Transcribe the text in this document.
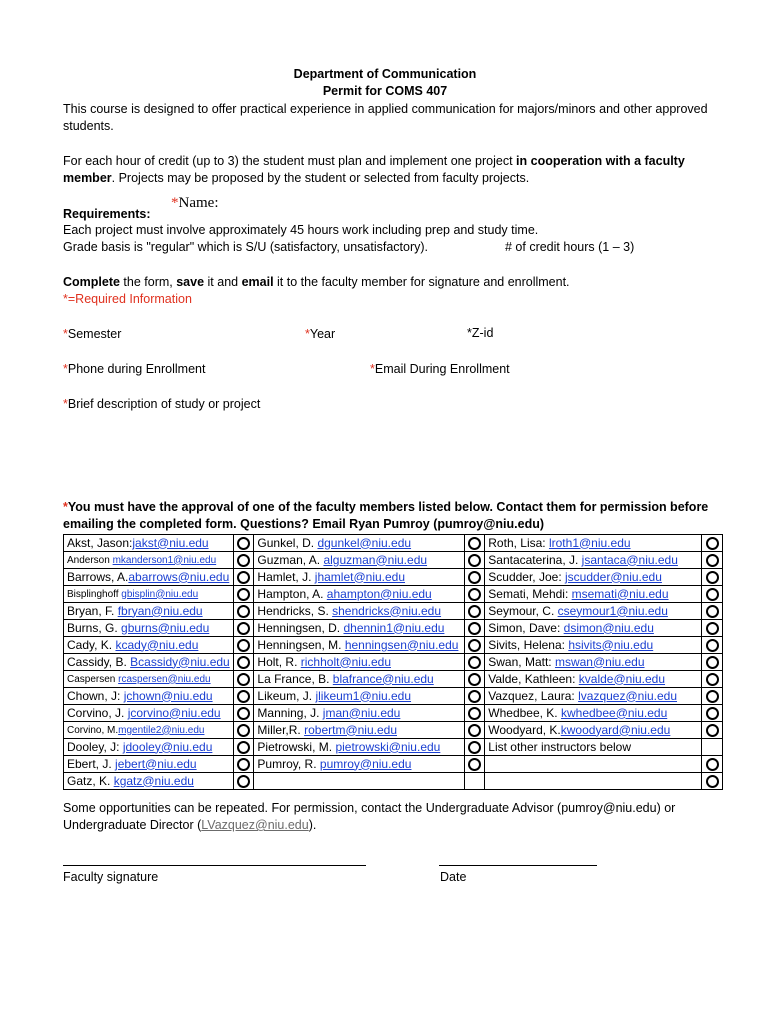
Department of Communication
Permit for COMS 407
This course is designed to offer practical experience in applied communication for majors/minors and other approved students.
For each hour of credit (up to 3) the student must plan and implement one project in cooperation with a faculty member. Projects may be proposed by the student or selected from faculty projects.
*Name:
Requirements:
Each project must involve approximately 45 hours work including prep and study time.
Grade basis is "regular" which is S/U (satisfactory, unsatisfactory).	# of credit hours (1 – 3)
Complete the form, save it and email it to the faculty member for signature and enrollment.
*=Required Information
*Semester	*Year	*Z-id
*Phone during Enrollment	*Email During Enrollment
*Brief description of study or project
*You must have the approval of one of the faculty members listed below. Contact them for permission before
emailing the completed form. Questions? Email Ryan Pumroy (pumroy@niu.edu)
Akst, Jason:jakst@niu.edu		Gunkel, D. dgunkel@niu.edu		Roth, Lisa: lroth1@niu.edu	
Anderson mkanderson1@niu.edu		Guzman, A. alguzman@niu.edu		Santacaterina, J. jsantaca@niu.edu	
Barrows, A.abarrows@niu.edu		Hamlet, J. jhamlet@niu.edu		Scudder, Joe: jscudder@niu.edu	
Bisplinghoff gbisplin@niu.edu		Hampton, A. ahampton@niu.edu		Semati, Mehdi: msemati@niu.edu	
Bryan, F. fbryan@niu.edu		Hendricks, S. shendricks@niu.edu		Seymour, C. cseymour1@niu.edu	
Burns, G. gburns@niu.edu		Henningsen, D. dhennin1@niu.edu		Simon, Dave: dsimon@niu.edu	
Cady, K. kcady@niu.edu		Henningsen, M. henningsen@niu.edu		Sivits, Helena: hsivits@niu.edu	
Cassidy, B. Bcassidy@niu.edu		Holt, R. richholt@niu.edu		Swan, Matt: mswan@niu.edu	
Caspersen rcaspersen@niu.edu		La France, B. blafrance@niu.edu		Valde, Kathleen: kvalde@niu.edu	
Chown, J: jchown@niu.edu		Likeum, J. jlikeum1@niu.edu		Vazquez, Laura: lvazquez@niu.edu	
Corvino, J. jcorvino@niu.edu		Manning, J. jman@niu.edu		Whedbee, K. kwhedbee@niu.edu	
Corvino, M.mgentile2@niu.edu		Miller,R. robertm@niu.edu		Woodyard, K.kwoodyard@niu.edu	
Dooley, J: jdooley@niu.edu		Pietrowski, M. pietrowski@niu.edu		List other instructors below	
Ebert, J. jebert@niu.edu		Pumroy, R. pumroy@niu.edu			
Gatz, K. kgatz@niu.edu					
Some opportunities can be repeated. For permission, contact the Undergraduate Advisor (pumroy@niu.edu) or
Undergraduate Director (LVazquez@niu.edu).
Faculty signature	Date
